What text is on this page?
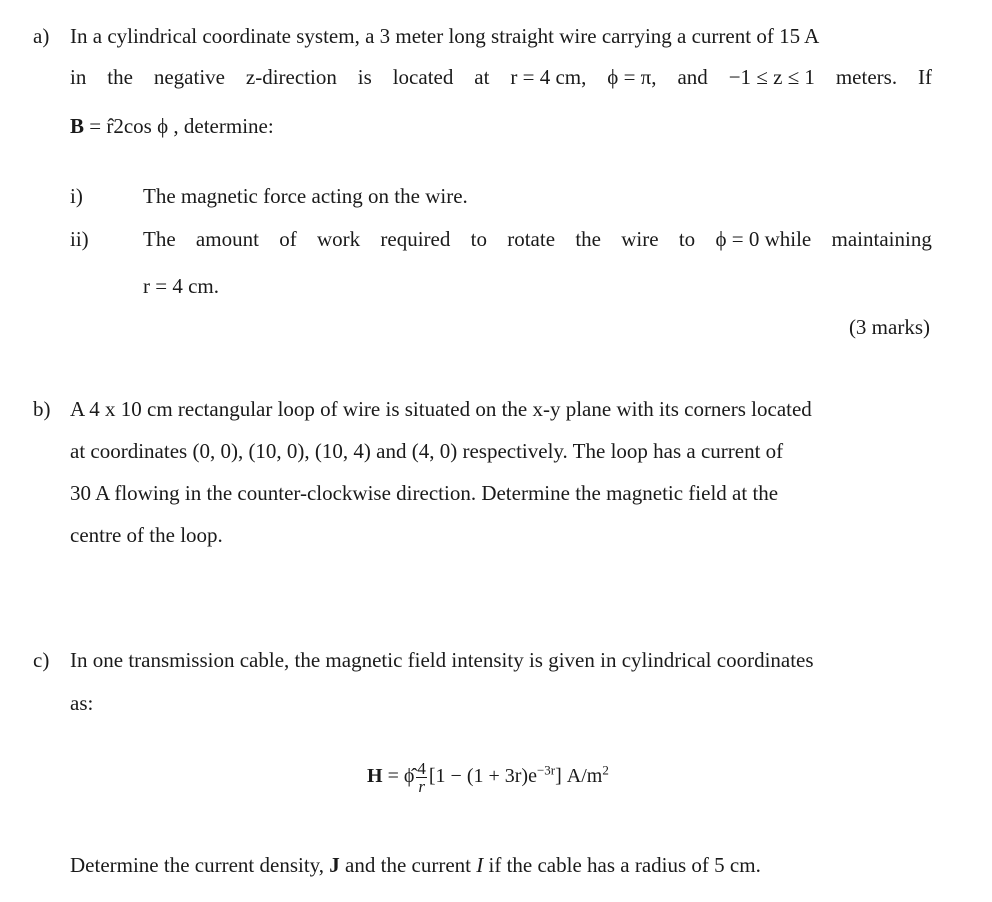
a) In a cylindrical coordinate system, a 3 meter long straight wire carrying a current of 15 A
in the negative z-direction is located at r = 4 cm, ϕ = π, and −1 ≤ z ≤ 1 meters. If
B = r̂2cos ϕ , determine:
i)	The magnetic force acting on the wire.
ii)	The amount of work required to rotate the wire to ϕ = 0 while maintaining
r = 4 cm.
(3 marks)
b) A 4 x 10 cm rectangular loop of wire is situated on the x-y plane with its corners located
at coordinates (0, 0), (10, 0), (10, 4) and (4, 0) respectively. The loop has a current of
30 A flowing in the counter-clockwise direction. Determine the magnetic field at the
centre of the loop.
c) In one transmission cable, the magnetic field intensity is given in cylindrical coordinates
as:
H = ϕ̂ $\frac{4}{r} [1 - (1 + 3r)e^{-3r}]$ $A/m^2$
Determine the current density, J and the current I if the cable has a radius of 5 cm.
